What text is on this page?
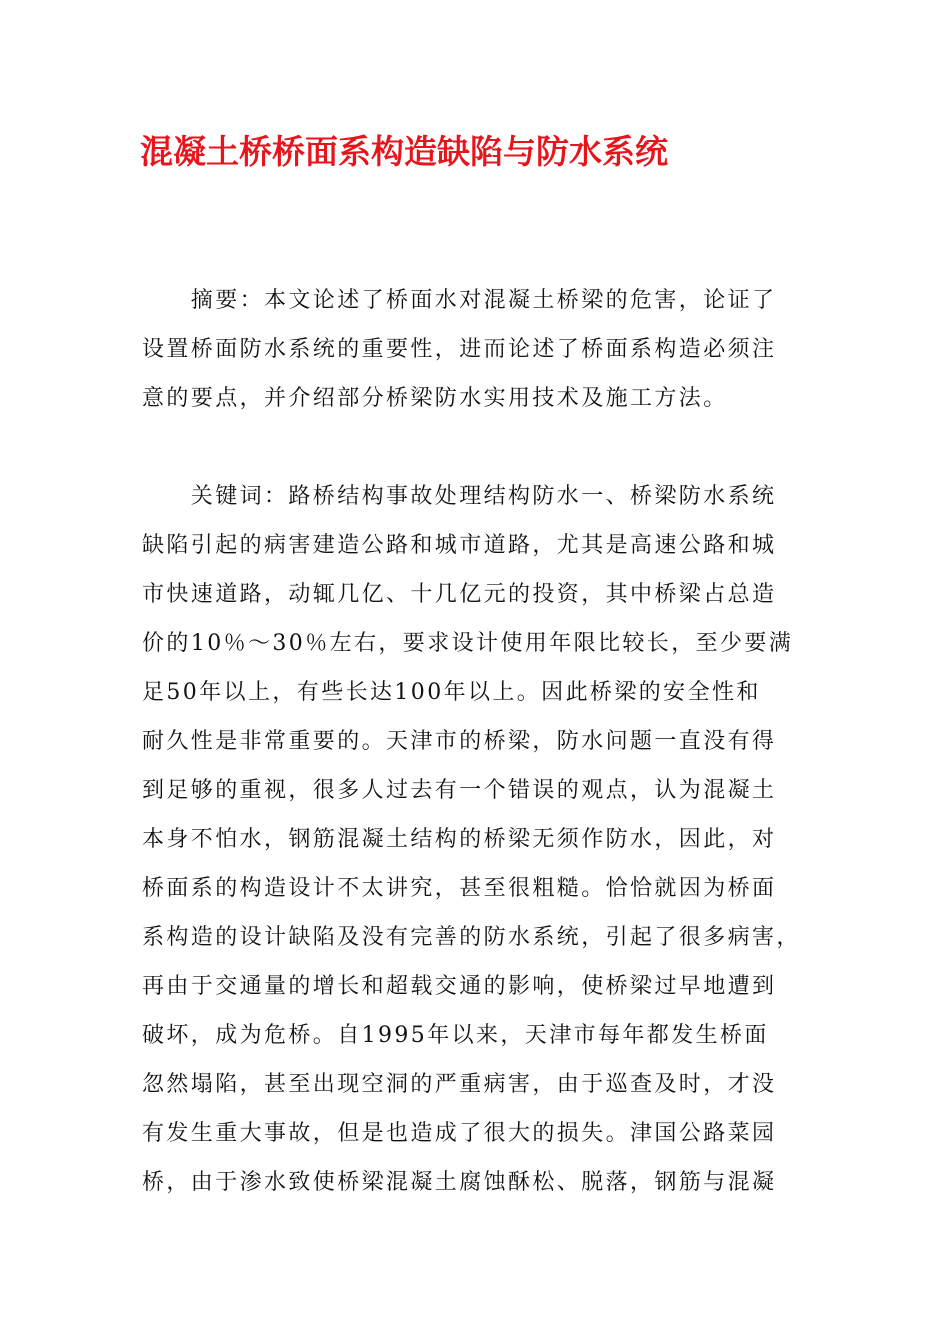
混凝土桥桥面系构造缺陷与防水系统
　　摘要：本文论述了桥面水对混凝土桥梁的危害，论证了
设置桥面防水系统的重要性，进而论述了桥面系构造必须注
意的要点，并介绍部分桥梁防水实用技术及施工方法。
　　关键词：路桥结构事故处理结构防水一、桥梁防水系统
缺陷引起的病害建造公路和城市道路，尤其是高速公路和城
市快速道路，动辄几亿、十几亿元的投资，其中桥梁占总造
价的10％～30％左右，要求设计使用年限比较长，至少要满
足50年以上，有些长达100年以上。因此桥梁的安全性和
耐久性是非常重要的。天津市的桥梁，防水问题一直没有得
到足够的重视，很多人过去有一个错误的观点，认为混凝土
本身不怕水，钢筋混凝土结构的桥梁无须作防水，因此，对
桥面系的构造设计不太讲究，甚至很粗糙。恰恰就因为桥面
系构造的设计缺陷及没有完善的防水系统，引起了很多病害，
再由于交通量的增长和超载交通的影响，使桥梁过早地遭到
破坏，成为危桥。自1995年以来，天津市每年都发生桥面
忽然塌陷，甚至出现空洞的严重病害，由于巡查及时，才没
有发生重大事故，但是也造成了很大的损失。津国公路菜园
桥，由于渗水致使桥梁混凝土腐蚀酥松、脱落，钢筋与混凝
